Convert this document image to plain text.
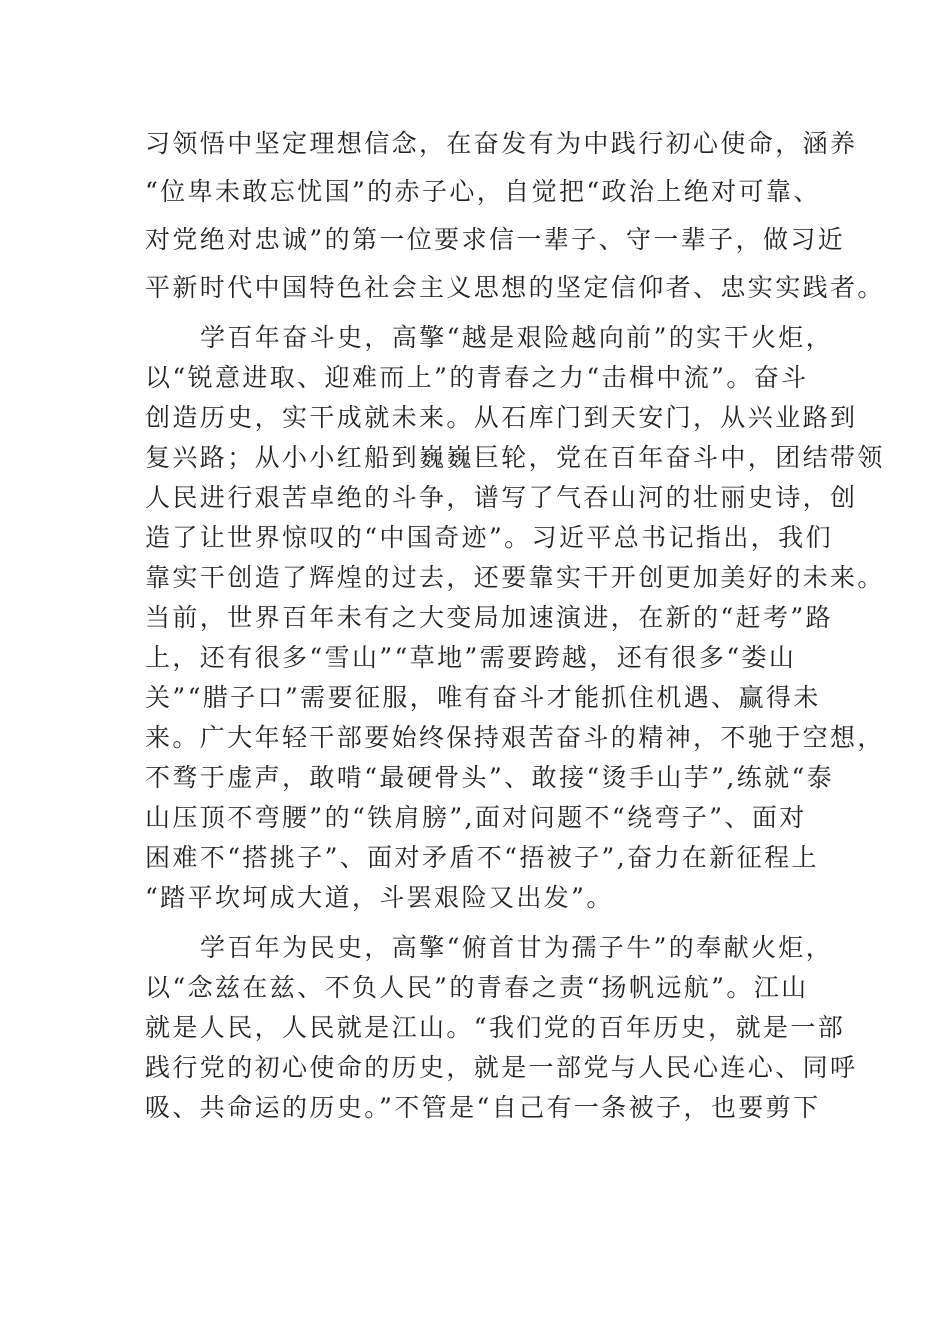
习领悟中坚定理想信念，在奋发有为中践行初心使命，涵养
“位卑未敢忘忧国”的赤子心，自觉把“政治上绝对可靠、
对党绝对忠诚”的第一位要求信一辈子、守一辈子，做习近
平新时代中国特色社会主义思想的坚定信仰者、忠实实践者。
学百年奋斗史，高擎“越是艰险越向前”的实干火炬，
以“锐意进取、迎难而上”的青春之力“击楫中流”。奋斗
创造历史，实干成就未来。从石库门到天安门，从兴业路到
复兴路；从小小红船到巍巍巨轮，党在百年奋斗中，团结带领
人民进行艰苦卓绝的斗争，谱写了气吞山河的壮丽史诗，创
造了让世界惊叹的“中国奇迹”。习近平总书记指出，我们
靠实干创造了辉煌的过去，还要靠实干开创更加美好的未来。
当前，世界百年未有之大变局加速演进，在新的“赶考”路
上，还有很多“雪山”“草地”需要跨越，还有很多“娄山
关”“腊子口”需要征服，唯有奋斗才能抓住机遇、赢得未
来。广大年轻干部要始终保持艰苦奋斗的精神，不驰于空想，
不骛于虚声，敢啃“最硬骨头”、敢接“烫手山芋”,练就“泰
山压顶不弯腰”的“铁肩膀”,面对问题不“绕弯子”、面对
困难不“搭挑子”、面对矛盾不“捂被子”,奋力在新征程上
“踏平坎坷成大道，斗罢艰险又出发”。
学百年为民史，高擎“俯首甘为孺子牛”的奉献火炬，
以“念兹在兹、不负人民”的青春之责“扬帆远航”。江山
就是人民，人民就是江山。“我们党的百年历史，就是一部
践行党的初心使命的历史，就是一部党与人民心连心、同呼
吸、共命运的历史。”不管是“自己有一条被子，也要剪下
